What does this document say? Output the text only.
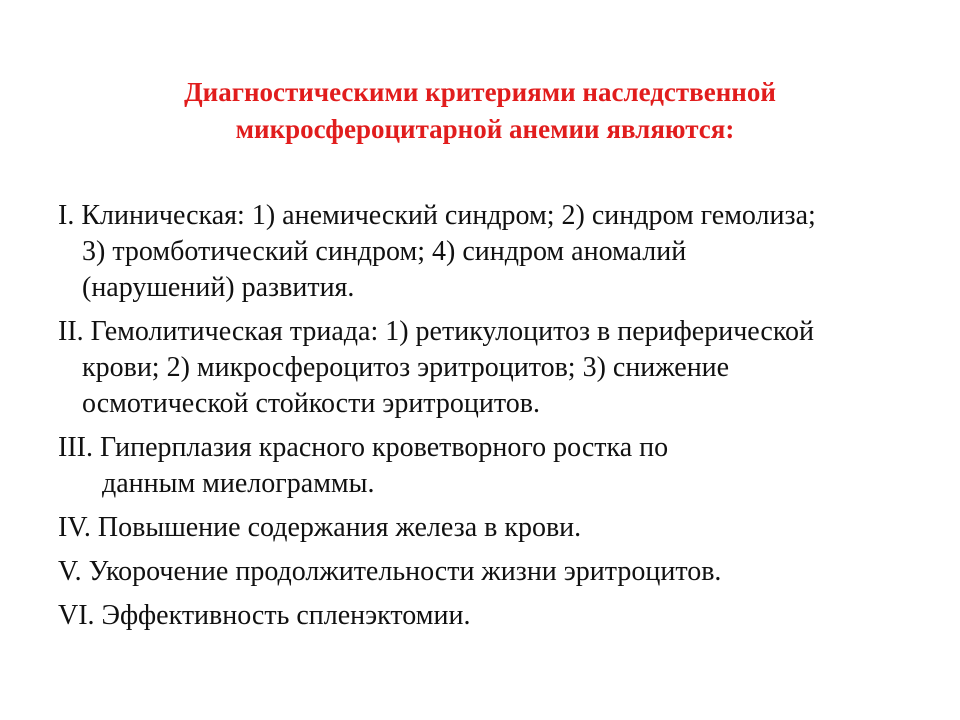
Диагностическими критериями наследственной
микросфероцитарной анемии являются:
I. Клиническая: 1) анемический синдром; 2) синдром гемолиза;
3) тромботический синдром; 4) синдром аномалий
(нарушений) развития.
II. Гемолитическая триада: 1) ретикулоцитоз в периферической
крови; 2) микросфероцитоз эритроцитов; 3) снижение
осмотической стойкости эритроцитов.
III. Гиперплазия красного кроветворного ростка по
данным миелограммы.
IV. Повышение содержания железа в крови.
V. Укорочение продолжительности жизни эритроцитов.
VI. Эффективность спленэктомии.
